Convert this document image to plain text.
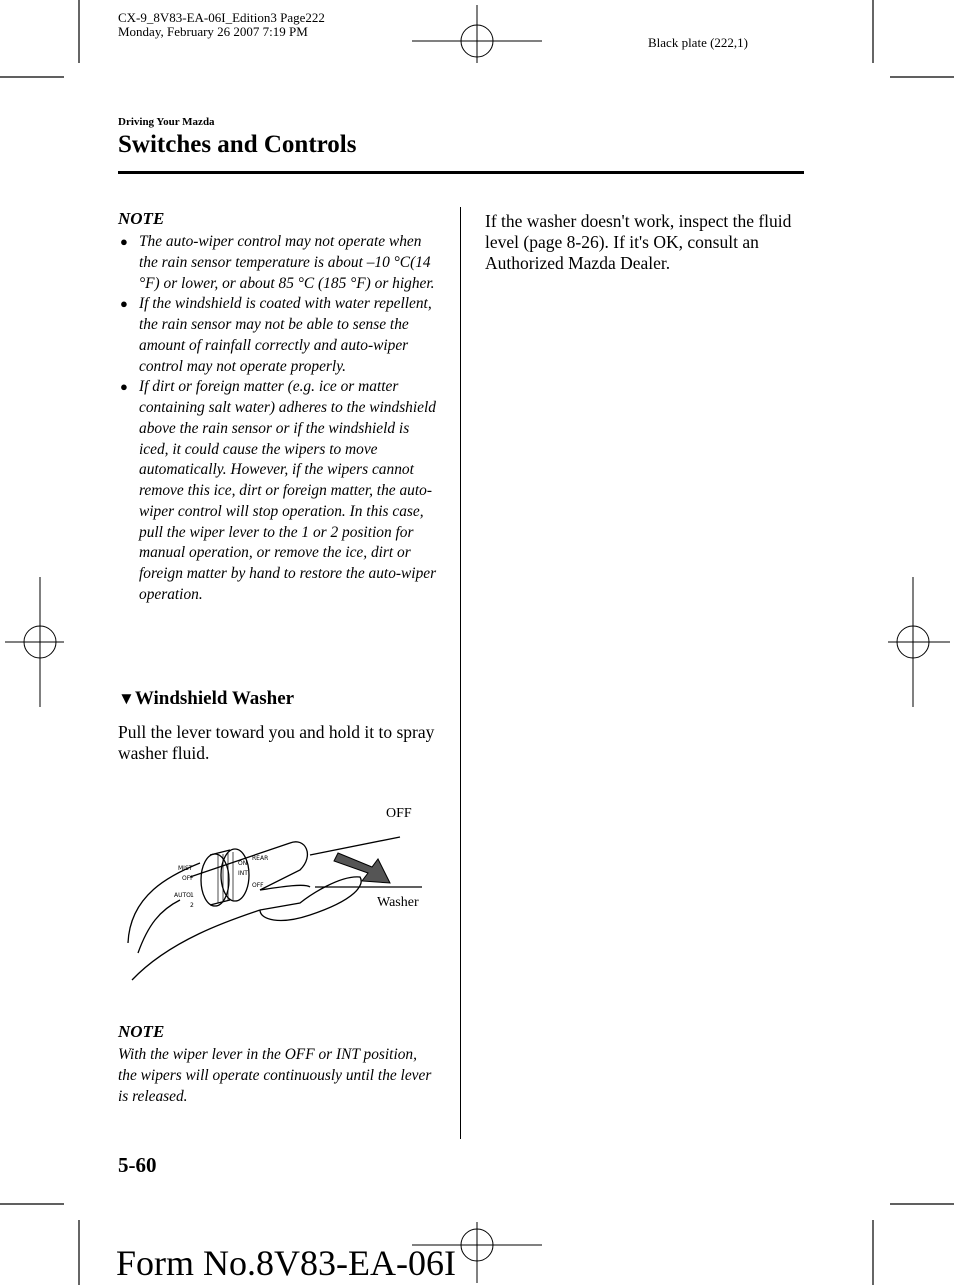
CX-9_8V83-EA-06I_Edition3 Page222
Monday, February 26 2007 7:19 PM
Black plate (222,1)
Driving Your Mazda
Switches and Controls
NOTE
● The auto-wiper control may not operate when the rain sensor temperature is about –10 °C(14 °F) or lower, or about 85 °C (185 °F) or higher.
● If the windshield is coated with water repellent, the rain sensor may not be able to sense the amount of rainfall correctly and auto-wiper control may not operate properly.
● If dirt or foreign matter (e.g. ice or matter containing salt water) adheres to the windshield above the rain sensor or if the windshield is iced, it could cause the wipers to move automatically. However, if the wipers cannot remove this ice, dirt or foreign matter, the auto-wiper control will stop operation. In this case, pull the wiper lever to the 1 or 2 position for manual operation, or remove the ice, dirt or foreign matter by hand to restore the auto-wiper operation.
▼Windshield Washer
Pull the lever toward you and hold it to spray washer fluid.
OFF
Washer
MIST
OFF
AUTO 1
2
ON
INT
REAR
OFF
NOTE
With the wiper lever in the OFF or INT position, the wipers will operate continuously until the lever is released.
If the washer doesn't work, inspect the fluid level (page 8-26). If it's OK, consult an Authorized Mazda Dealer.
5-60
Form No.8V83-EA-06I
